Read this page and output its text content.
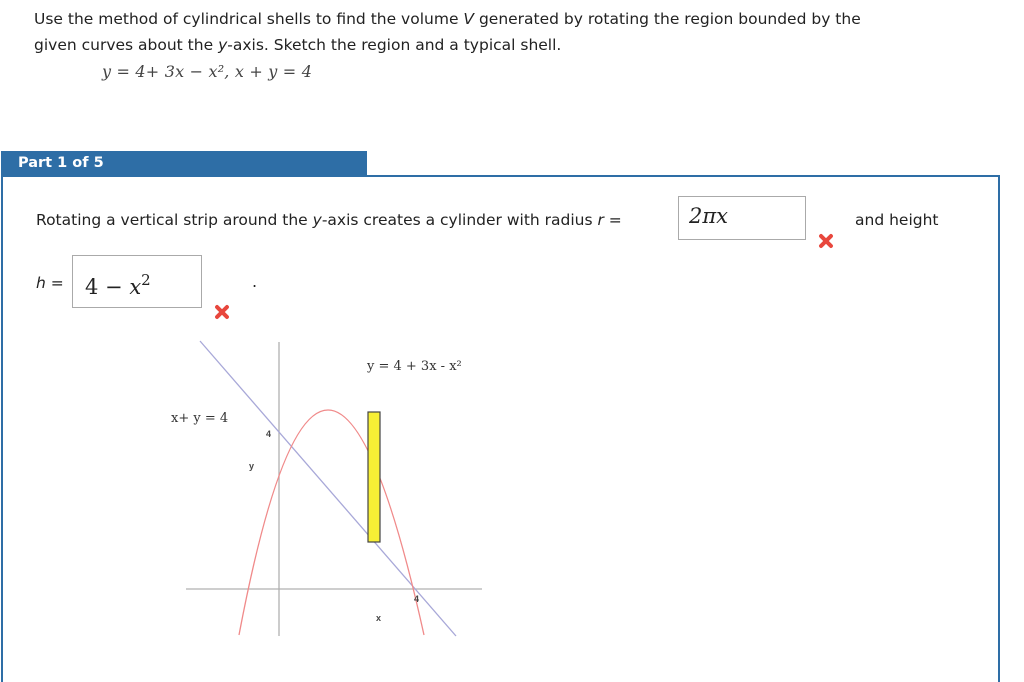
Use the method of cylindrical shells to find the volume V generated by rotating the region bounded by the
given curves about the y-axis. Sketch the region and a typical shell.
y = 4+ 3x − x², x + y = 4
Part 1 of 5
Rotating a vertical strip around the y-axis creates a cylinder with radius r =	2πx	and height
h =	$4 - x^2$	.
y = 4 + 3x - x²
x+ y = 4
y
x
4
4
